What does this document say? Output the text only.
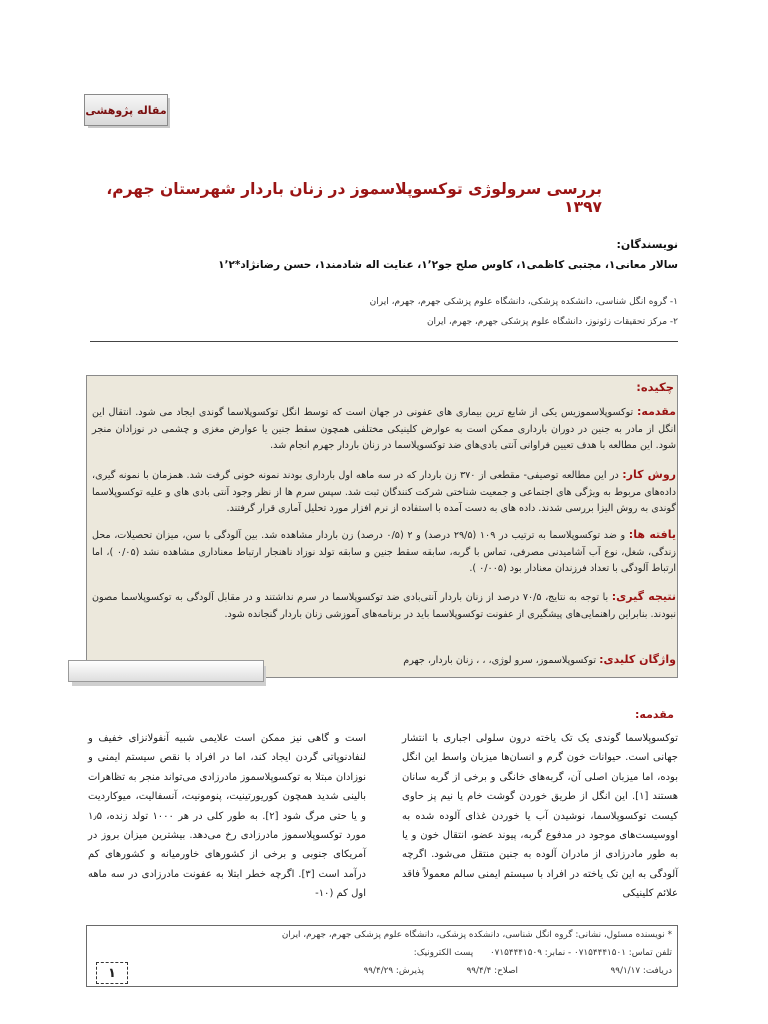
مقاله پژوهشی
بررسی سرولوژی توکسوپلاسموز در زنان باردار شهرستان جهرم، ۱۳۹۷
نویسندگان:
سالار معانی۱، مجتبی کاظمی۱، کاوس صلح جو۱٬۲، عنایت اله شادمند۱، حسن رضانژاد*۱٬۲
۱- گروه انگل شناسی، دانشکده پزشکی، دانشگاه علوم پزشکی جهرم، جهرم، ایران
۲- مرکز تحقیقات زئونوز، دانشگاه علوم پزشکی جهرم، جهرم، ایران
چکیده:
مقدمه: توکسوپلاسموزیس یکی از شایع ترین بیماری های عفونی در جهان است که توسط انگل توکسوپلاسما گوندی ایجاد می شود. انتقال این انگل از مادر به جنین در دوران بارداری ممکن است به عوارض کلینیکی مختلفی همچون سقط جنین یا عوارض مغزی و چشمی در نوزادان منجر شود. این مطالعه با هدف تعیین فراوانی آنتی بادی‌های ضد توکسوپلاسما در زنان باردار جهرم انجام شد.
روش کار: در این مطالعه توصیفی- مقطعی از ۳۷۰ زن باردار که در سه ماهه اول بارداری بودند نمونه خونی گرفت شد. همزمان با نمونه گیری، داده‌های مربوط به ویژگی های اجتماعی و جمعیت شناختی شرکت کنندگان ثبت شد. سپس سرم ها از نظر وجود آنتی بادی های و علیه توکسوپلاسما گوندی به روش الیزا بررسی شدند. داده های به دست آمده با استفاده از نرم افزار مورد تحلیل آماری قرار گرفتند.
یافته ها: و ضد توکسوپلاسما به ترتیب در ۱۰۹ (۲۹/۵ درصد) و ۲ (۰/۵ درصد) زن باردار مشاهده شد. بین آلودگی با سن، میزان تحصیلات، محل زندگی، شغل، نوع آب آشامیدنی مصرفی، تماس با گربه، سابقه سقط جنین و سابقه تولد نوزاد ناهنجار ارتباط معناداری مشاهده نشد (۰/۰۵ )، اما ارتباط آلودگی با تعداد فرزندان معنادار بود (۰/۰۰۵ ).
نتیجه گیری: با توجه به نتایج، ۷۰/۵ درصد از زنان باردار آنتی‌بادی ضد توکسوپلاسما در سرم نداشتند و در مقابل آلودگی به توکسوپلاسما مصون نبودند. بنابراین راهنمایی‌های پیشگیری از عفونت توکسوپلاسما باید در برنامه‌های آموزشی زنان باردار گنجانده شود.
واژگان کلیدی: توکسوپلاسموز، سرو لوژی، ، ، زنان باردار، جهرم
مقدمه:
توکسوپلاسما گوندی یک تک یاخته درون سلولی اجباری با انتشار جهانی است. حیوانات خون گرم و انسان‌ها میزبان واسط این انگل بوده، اما میزبان اصلی آن، گربه‌های خانگی و برخی از گربه سانان هستند [۱]. این انگل از طریق خوردن گوشت خام یا نیم پز حاوی کیست توکسوپلاسما، نوشیدن آب یا خوردن غذای آلوده شده به اووسیست‌های موجود در مدفوع گربه، پیوند عضو، انتقال خون و یا به طور مادرزادی از مادران آلوده به جنین منتقل می‌شود. اگرچه آلودگی به این تک یاخته در افراد با سیستم ایمنی سالم معمولاً فاقد علائم کلینیکی
است و گاهی نیز ممکن است علایمی شبیه آنفولانزای خفیف و لنفادنوپاتی گردن ایجاد کند، اما در افراد با نقص سیستم ایمنی و نوزادان مبتلا به توکسوپلاسموز مادرزادی می‌تواند منجر به تظاهرات بالینی شدید همچون کوریورتینیت، پنومونیت، آنسفالیت، میوکاردیت و یا حتی مرگ شود [۲]. به طور کلی در هر ۱۰۰۰ تولد زنده، ۱٫۵ مورد توکسوپلاسموز مادرزادی رخ می‌دهد. بیشترین میزان بروز در آمریکای جنوبی و برخی از کشورهای خاورمیانه و کشورهای کم درآمد است [۳]. اگرچه خطر ابتلا به عفونت مادرزادی در سه ماهه اول کم (۱۰-
* نویسنده مسئول، نشانی: گروه انگل شناسی، دانشکده پزشکی، دانشگاه علوم پزشکی جهرم، جهرم، ایران
تلفن تماس: ۰۷۱۵۴۴۴۱۵۰۱ - نمابر: ۰۷۱۵۴۴۴۱۵۰۹      پست الکترونیک:
دریافت: ۹۹/۱/۱۷
اصلاح: ۹۹/۴/۴
پذیرش: ۹۹/۴/۲۹
۱
